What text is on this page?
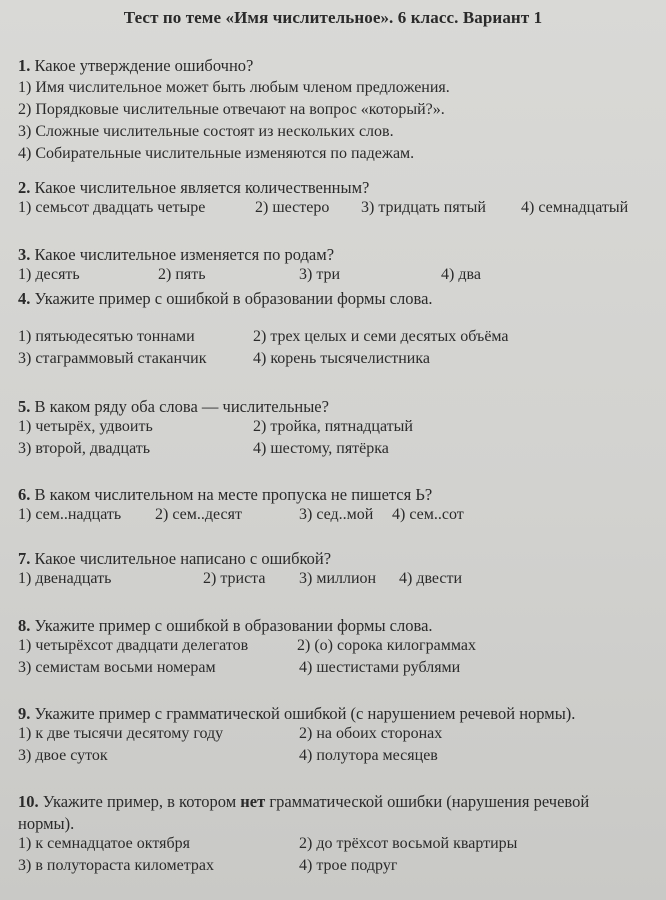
Тест по теме «Имя числительное». 6 класс. Вариант 1
1. Какое утверждение ошибочно?
1) Имя числительное может быть любым членом предложения.
2) Порядковые числительные отвечают на вопрос «который?».
3) Сложные числительные состоят из нескольких слов.
4) Собирательные числительные изменяются по падежам.
2. Какое числительное является количественным?
1) семьсот двадцать четыре	2) шестеро 3) тридцать пятый 4) семнадцатый
3. Какое числительное изменяется по родам?
1) десять	2) пять	3) три	4) два
4. Укажите пример с ошибкой в образовании формы слова.
1) пятьюдесятью тоннами	2) трех целых и семи десятых объёма
3) стаграммовый стаканчик	4) корень тысячелистника
5. В каком ряду оба слова — числительные?
1) четырёх, удвоить	2) тройка, пятнадцатый
3) второй, двадцать	4) шестому, пятёрка
6. В каком числительном на месте пропуска не пишется Ь?
1) сем..надцать 2) сем..десят	3) сед..мой 4) сем..сот
7. Какое числительное написано с ошибкой?
1) двенадцать	2) триста 3) миллион 4) двести
8. Укажите пример с ошибкой в образовании формы слова.
1) четырёхсот двадцати делегатов	2) (о) сорока килограммах
3) семистам восьми номерам	4) шестистами рублями
9. Укажите пример с грамматической ошибкой (с нарушением речевой нормы).
1) к две тысячи десятому году	2) на обоих сторонах
3) двое суток	4) полутора месяцев
10. Укажите пример, в котором нет грамматической ошибки (нарушения речевой нормы).
1) к семнадцатое октября	2) до трёхсот восьмой квартиры
3) в полутораста километрах	4) трое подруг
